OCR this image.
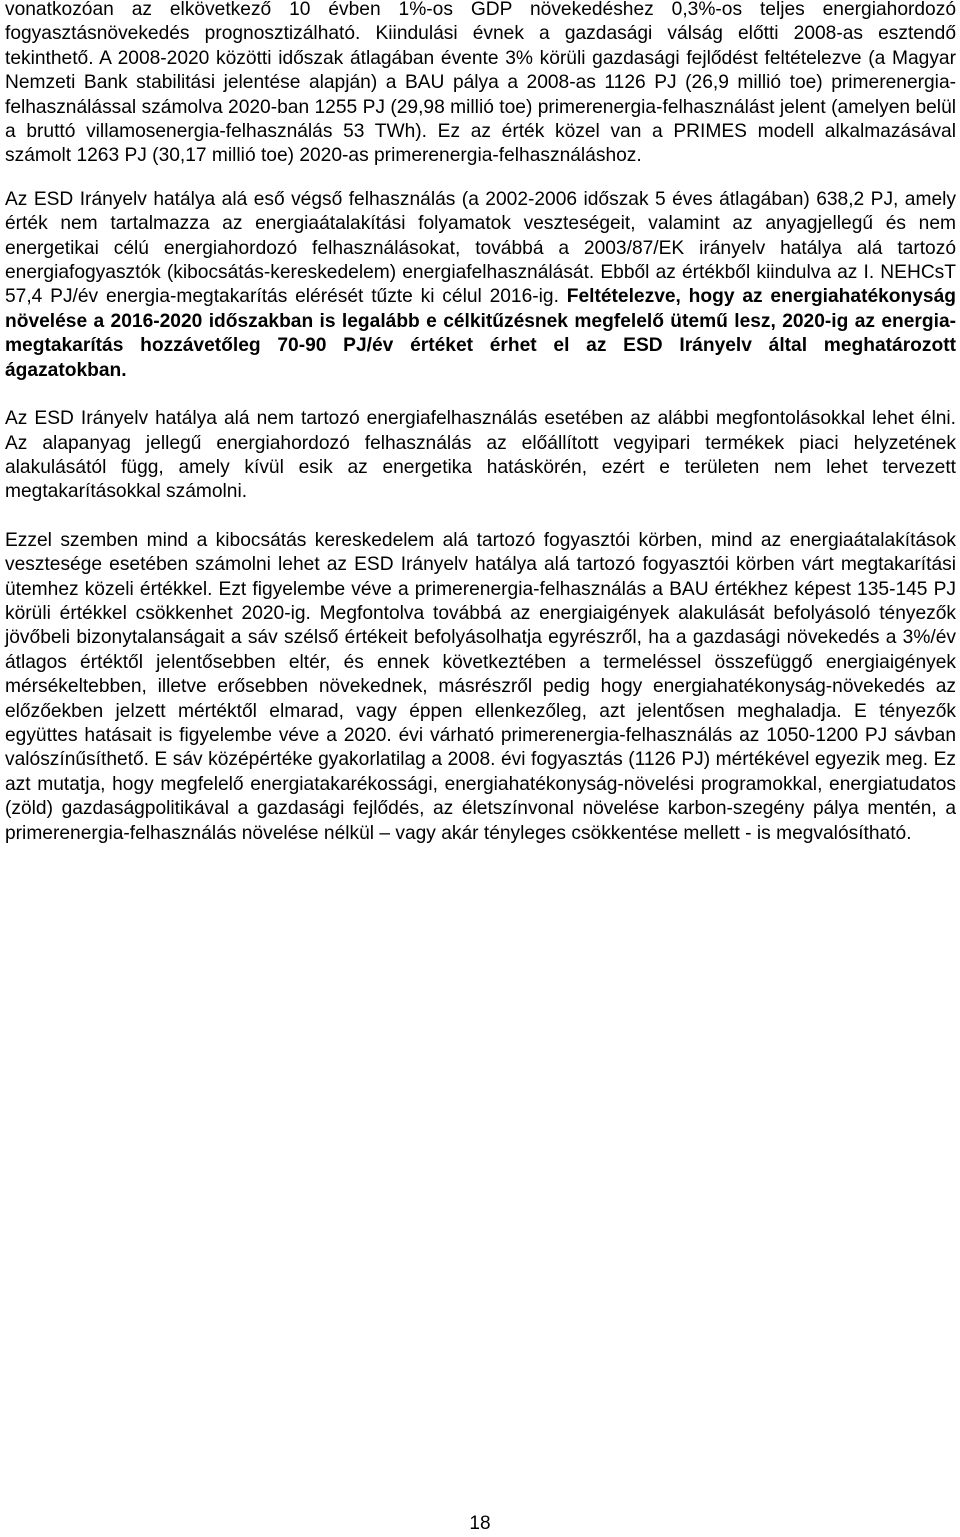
vonatkozóan az elkövetkező 10 évben 1%-os GDP növekedéshez 0,3%-os teljes energiahordozó fogyasztásnövekedés prognosztizálható. Kiindulási évnek a gazdasági válság előtti 2008-as esztendő tekinthető. A 2008-2020 közötti időszak átlagában évente 3% körüli gazdasági fejlődést feltételezve (a Magyar Nemzeti Bank stabilitási jelentése alapján) a BAU pálya a 2008-as 1126 PJ (26,9 millió toe) primerenergia-felhasználással számolva 2020-ban 1255 PJ (29,98 millió toe) primerenergia-felhasználást jelent (amelyen belül a bruttó villamosenergia-felhasználás 53 TWh). Ez az érték közel van a PRIMES modell alkalmazásával számolt 1263 PJ (30,17 millió toe) 2020-as primerenergia-felhasználáshoz.

Az ESD Irányelv hatálya alá eső végső felhasználás (a 2002-2006 időszak 5 éves átlagában) 638,2 PJ, amely érték nem tartalmazza az energiaátalakítási folyamatok veszteségeit, valamint az anyagjellegű és nem energetikai célú energiahordozó felhasználásokat, továbbá a 2003/87/EK irányelv hatálya alá tartozó energiafogyasztók (kibocsátás-kereskedelem) energiafelhasználását. Ebből az értékből kiindulva az I. NEHCsT 57,4 PJ/év energia-megtakarítás elérését tűzte ki célul 2016-ig. Feltételezve, hogy az energiahatékonyság növelése a 2016-2020 időszakban is legalább e célkitűzésnek megfelelő ütemű lesz, 2020-ig az energia-megtakarítás hozzávetőleg 70-90 PJ/év értéket érhet el az ESD Irányelv által meghatározott ágazatokban.

Az ESD Irányelv hatálya alá nem tartozó energiafelhasználás esetében az alábbi megfontolásokkal lehet élni. Az alapanyag jellegű energiahordozó felhasználás az előállított vegyipari termékek piaci helyzetének alakulásától függ, amely kívül esik az energetika hatáskörén, ezért e területen nem lehet tervezett megtakarításokkal számolni.

Ezzel szemben mind a kibocsátás kereskedelem alá tartozó fogyasztói körben, mind az energiaátalakítások vesztesége esetében számolni lehet az ESD Irányelv hatálya alá tartozó fogyasztói körben várt megtakarítási ütemhez közeli értékkel. Ezt figyelembe véve a primerenergia-felhasználás a BAU értékhez képest 135-145 PJ körüli értékkel csökkenhet 2020-ig. Megfontolva továbbá az energiaigények alakulását befolyásoló tényezők jövőbeli bizonytalanságait a sáv szélső értékeit befolyásolhatja egyrészről, ha a gazdasági növekedés a 3%/év átlagos értéktől jelentősebben eltér, és ennek következtében a termeléssel összefüggő energiaigények mérsékeltebben, illetve erősebben növekednek, másrészről pedig hogy energiahatékonyság-növekedés az előzőekben jelzett mértéktől elmarad, vagy éppen ellenkezőleg, azt jelentősen meghaladja. E tényezők együttes hatásait is figyelembe véve a 2020. évi várható primerenergia-felhasználás az 1050-1200 PJ sávban valószínűsíthető. E sáv középértéke gyakorlatilag a 2008. évi fogyasztás (1126 PJ) mértékével egyezik meg. Ez azt mutatja, hogy megfelelő energiatakarékossági, energiahatékonyság-növelési programokkal, energiatudatos (zöld) gazdaságpolitikával a gazdasági fejlődés, az életszínvonal növelése karbon-szegény pálya mentén, a primerenergia-felhasználás növelése nélkül – vagy akár tényleges csökkentése mellett - is megvalósítható.

18
